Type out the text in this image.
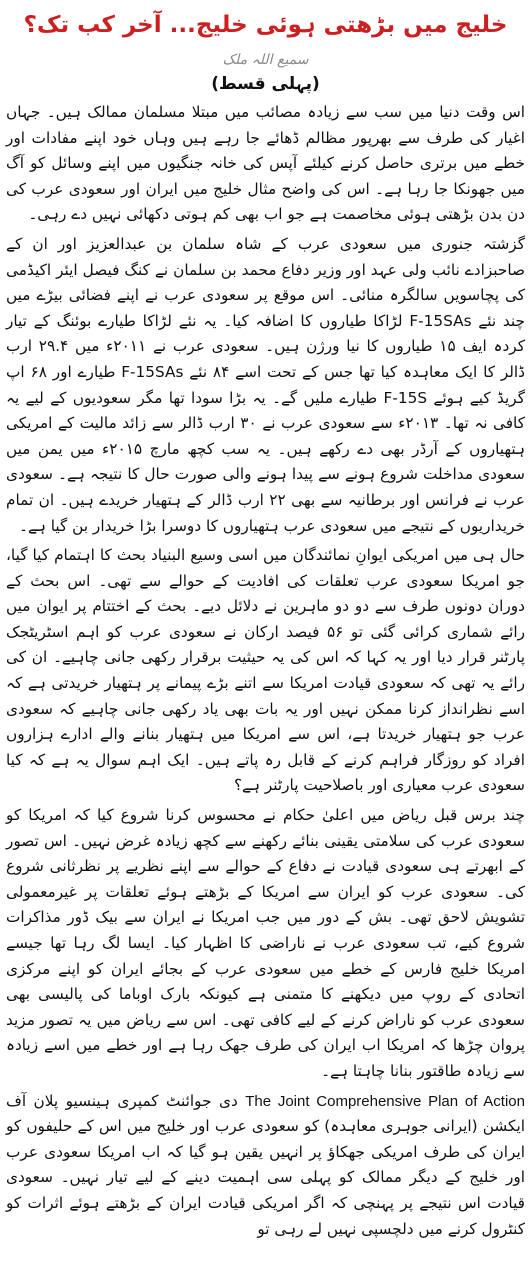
خلیج میں بڑھتی ہوئی خلیج... آخر کب تک؟
سمیع اللہ ملک
(پہلی قسط)

اس وقت دنیا میں سب سے زیادہ مصائب میں مبتلا مسلمان ممالک ہیں۔ جہاں اغیار کی طرف سے بھرپور مظالم ڈھائے جا رہے ہیں وہاں خود اپنے مفادات اور خطے میں برتری حاصل کرنے کیلئے آپس کی خانہ جنگیوں میں اپنے وسائل کو آگ میں جھونکا جا رہا ہے۔ اس کی واضح مثال خلیج میں ایران اور سعودی عرب کی دن بدن بڑھتی ہوئی مخاصمت ہے جو اب بھی کم ہوتی دکھائی نہیں دے رہی۔

گزشتہ جنوری میں سعودی عرب کے شاہ سلمان بن عبدالعزیز اور ان کے صاحبزادے نائب ولی عہد اور وزیر دفاع محمد بن سلمان نے کنگ فیصل ایئر اکیڈمی کی پچاسویں سالگرہ منائی۔ اس موقع پر سعودی عرب نے اپنے فضائی بیڑے میں چند نئے F-15SAs لڑاکا طیاروں کا اضافہ کیا۔ یہ نئے لڑاکا طیارے بوئنگ کے تیار کردہ ایف ۱۵ طیاروں کا نیا ورژن ہیں۔ سعودی عرب نے ۲۰۱۱ء میں ۲۹.۴ ارب ڈالر کا ایک معاہدہ کیا تھا جس کے تحت اسے ۸۴ نئے F-15SAs طیارے اور ۶۸ اپ گریڈ کیے ہوئے F-15S طیارے ملیں گے۔ یہ بڑا سودا تھا مگر سعودیوں کے لیے یہ کافی نہ تھا۔ ۲۰۱۳ء سے سعودی عرب نے ۳۰ ارب ڈالر سے زائد مالیت کے امریکی ہتھیاروں کے آرڈر بھی دے رکھے ہیں۔ یہ سب کچھ مارچ ۲۰۱۵ء میں یمن میں سعودی مداخلت شروع ہونے سے پیدا ہونے والی صورت حال کا نتیجہ ہے۔ سعودی عرب نے فرانس اور برطانیہ سے بھی ۲۲ ارب ڈالر کے ہتھیار خریدے ہیں۔ ان تمام خریداریوں کے نتیجے میں سعودی عرب ہتھیاروں کا دوسرا بڑا خریدار بن گیا ہے۔

حال ہی میں امریکی ایوانِ نمائندگان میں اسی وسیع البنیاد بحث کا اہتمام کیا گیا، جو امریکا سعودی عرب تعلقات کی افادیت کے حوالے سے تھی۔ اس بحث کے دوران دونوں طرف سے دو دو ماہرین نے دلائل دیے۔ بحث کے اختتام پر ایوان میں رائے شماری کرائی گئی تو ۵۶ فیصد ارکان نے سعودی عرب کو اہم اسٹریٹجک پارٹنر قرار دیا اور یہ کہا کہ اس کی یہ حیثیت برقرار رکھی جانی چاہیے۔ ان کی رائے یہ تھی کہ سعودی قیادت امریکا سے اتنے بڑے پیمانے پر ہتھیار خریدتی ہے کہ اسے نظرانداز کرنا ممکن نہیں اور یہ بات بھی یاد رکھی جانی چاہیے کہ سعودی عرب جو ہتھیار خریدتا ہے، اس سے امریکا میں ہتھیار بنانے والے ادارے ہزاروں افراد کو روزگار فراہم کرنے کے قابل رہ پاتے ہیں۔ ایک اہم سوال یہ ہے کہ کیا سعودی عرب معیاری اور باصلاحیت پارٹنر ہے؟

چند برس قبل ریاض میں اعلیٰ حکام نے محسوس کرنا شروع کیا کہ امریکا کو سعودی عرب کی سلامتی یقینی بنائے رکھنے سے کچھ زیادہ غرض نہیں۔ اس تصور کے ابھرتے ہی سعودی قیادت نے دفاع کے حوالے سے اپنے نظریے پر نظرثانی شروع کی۔ سعودی عرب کو ایران سے امریکا کے بڑھتے ہوئے تعلقات پر غیرمعمولی تشویش لاحق تھی۔ بش کے دور میں جب امریکا نے ایران سے بیک ڈور مذاکرات شروع کیے، تب سعودی عرب نے ناراضی کا اظہار کیا۔ ایسا لگ رہا تھا جیسے امریکا خلیج فارس کے خطے میں سعودی عرب کے بجائے ایران کو اپنے مرکزی اتحادی کے روپ میں دیکھنے کا متمنی ہے کیونکہ بارک اوباما کی پالیسی بھی سعودی عرب کو ناراض کرنے کے لیے کافی تھی۔ اس سے ریاض میں یہ تصور مزید پروان چڑھا کہ امریکا اب ایران کی طرف جھک رہا ہے اور خطے میں اسے زیادہ سے زیادہ طاقتور بنانا چاہتا ہے۔

The Joint Comprehensive Plan of Action دی جوائنٹ کمپری ہینسیو پلان آف ایکشن (ایرانی جوہری معاہدہ) کو سعودی عرب اور خلیج میں اس کے حلیفوں کو ایران کی طرف امریکی جھکاؤ پر انہیں یقین ہو گیا کہ اب امریکا سعودی عرب اور خلیج کے دیگر ممالک کو پہلی سی اہمیت دینے کے لیے تیار نہیں۔ سعودی قیادت اس نتیجے پر پہنچی کہ اگر امریکی قیادت ایران کے بڑھتے ہوئے اثرات کو کنٹرول کرنے میں دلچسپی نہیں لے رہی تو
